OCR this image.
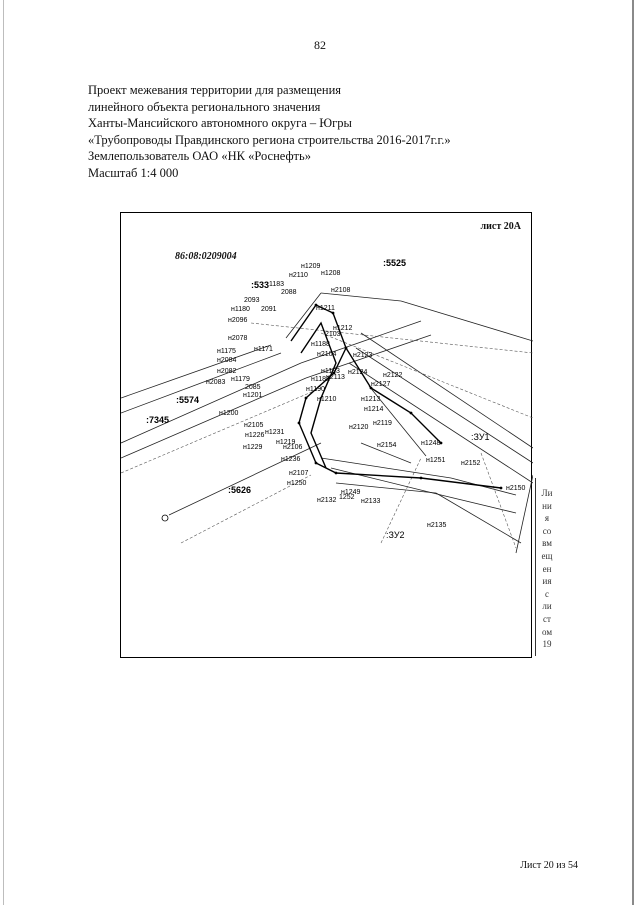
82
Проект межевания территории для размещения
линейного объекта регионального значения
Ханты-Мансийского автономного округа – Югры
«Трубопроводы Правдинского региона строительства 2016-2017г.г.»
Землепользователь ОАО «НК «Роснефть»
Масштаб 1:4 000
лист 20А
86:08:0209004
:5525
:533
:5574
:7345
:5626
:ЗУ1
:ЗУ2
н1209
н2110 н1208
1183
2088	н2108
2093
н1180 2091	н1211
н2096
н1212
2103
н2078
н1171
н1175
н1188
н2084
н2104 н2123
н2082
н1179
н1193 н2124 н2122
н2083	н1181
н2113
н2127
2085	н1190
н1201
н1210	н1213
н1214
н1200
н2105
н1226 н1231
н2120
н2119
н1219
н2106
н1229	н2154	н1248
н1236	н1251 н2152
н2107
н1250
н1249
н2150
н2132 1252
н2133
н2135
Ли
ни
я
со
вм
ещ
ен
ия
с
ли
ст
ом
19
Лист 20 из 54
